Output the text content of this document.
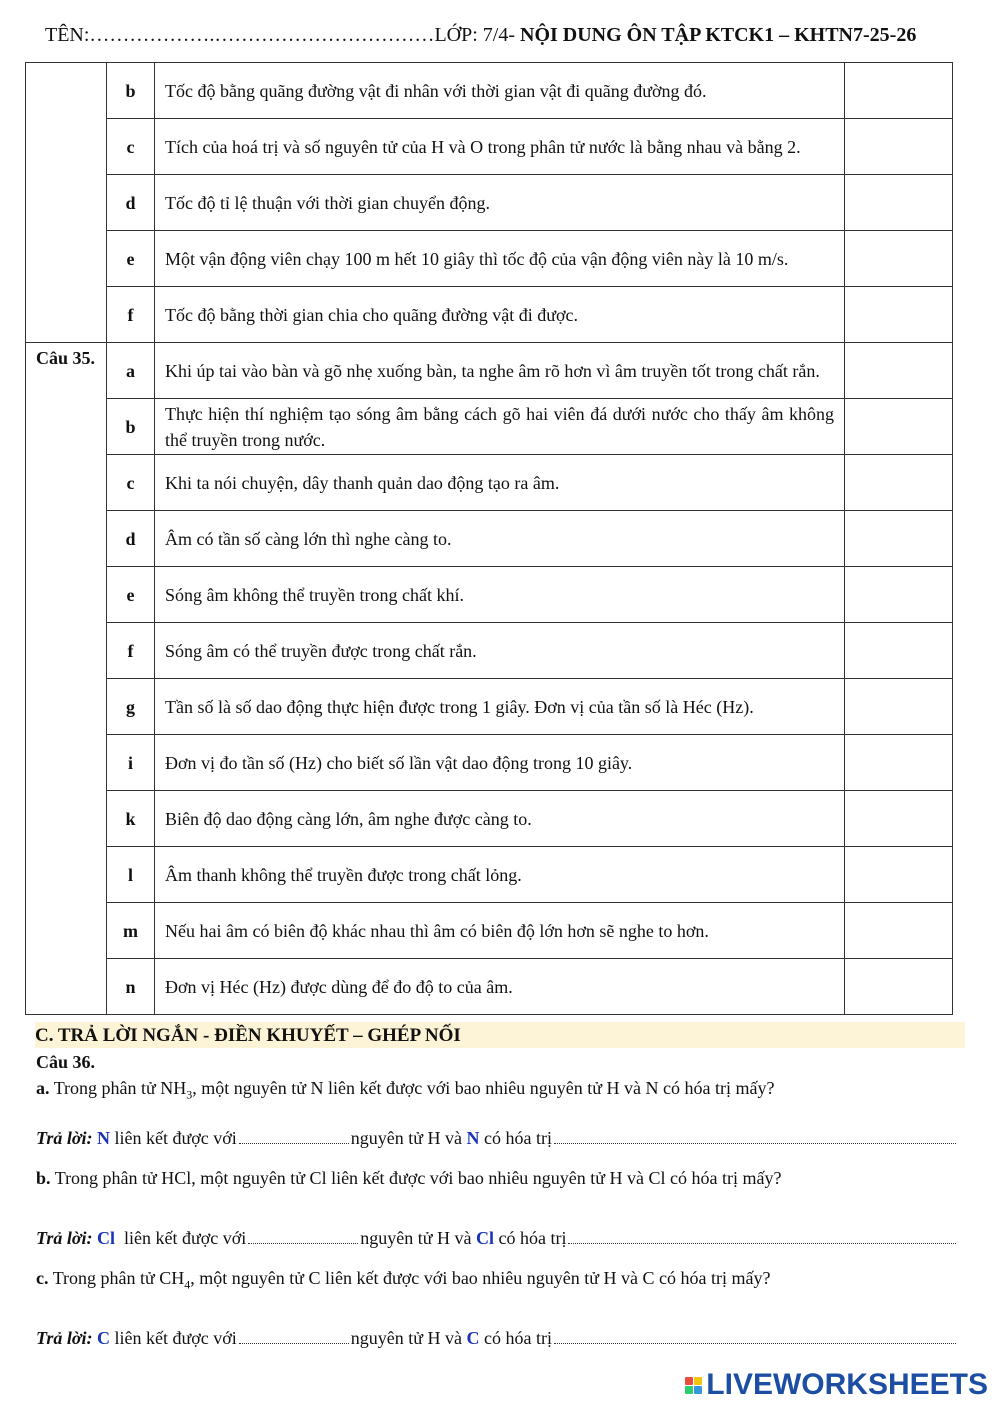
TÊN:……………….……………………………LỚP: 7/4- NỘI DUNG ÔN TẬP KTCK1 – KHTN7-25-26
	b	Tốc độ bằng quãng đường vật đi nhân với thời gian vật đi quãng đường đó.	
	c	Tích của hoá trị và số nguyên tử của H và O trong phân tử nước là bằng nhau và bằng 2.	
	d	Tốc độ tỉ lệ thuận với thời gian chuyển động.	
	e	Một vận động viên chạy 100 m hết 10 giây thì tốc độ của vận động viên này là 10 m/s.	
	f	Tốc độ bằng thời gian chia cho quãng đường vật đi được.	
Câu 35.	a	Khi úp tai vào bàn và gõ nhẹ xuống bàn, ta nghe âm rõ hơn vì âm truyền tốt trong chất rắn.	
	b	Thực hiện thí nghiệm tạo sóng âm bằng cách gõ hai viên đá dưới nước cho thấy âm không thể truyền trong nước.	
	c	Khi ta nói chuyện, dây thanh quản dao động tạo ra âm.	
	d	Âm có tần số càng lớn thì nghe càng to.	
	e	Sóng âm không thể truyền trong chất khí.	
	f	Sóng âm có thể truyền được trong chất rắn.	
	g	Tần số là số dao động thực hiện được trong 1 giây. Đơn vị của tần số là Héc (Hz).	
	i	Đơn vị đo tần số (Hz) cho biết số lần vật dao động trong 10 giây.	
	k	Biên độ dao động càng lớn, âm nghe được càng to.	
	l	Âm thanh không thể truyền được trong chất lỏng.	
	m	Nếu hai âm có biên độ khác nhau thì âm có biên độ lớn hơn sẽ nghe to hơn.	
	n	Đơn vị Héc (Hz) được dùng để đo độ to của âm.	
C. TRẢ LỜI NGẮN - ĐIỀN KHUYẾT – GHÉP NỐI
Câu 36.
a. Trong phân tử $NH_3$, một nguyên tử N liên kết được với bao nhiêu nguyên tử H và N có hóa trị mấy?
Trả lời:
N
liên kết được với	nguyên tử H và
N
có hóa trị
b. Trong phân tử HCl, một nguyên tử Cl liên kết được với bao nhiêu nguyên tử H và Cl có hóa trị mấy?
Trả lời:
Cl
liên kết được với	nguyên tử H và
Cl
có hóa trị
c. Trong phân tử $CH_4$, một nguyên tử C liên kết được với bao nhiêu nguyên tử H và C có hóa trị mấy?
Trả lời:
C
liên kết được với	nguyên tử H và
C
có hóa trị
LIVEWORKSHEETS
